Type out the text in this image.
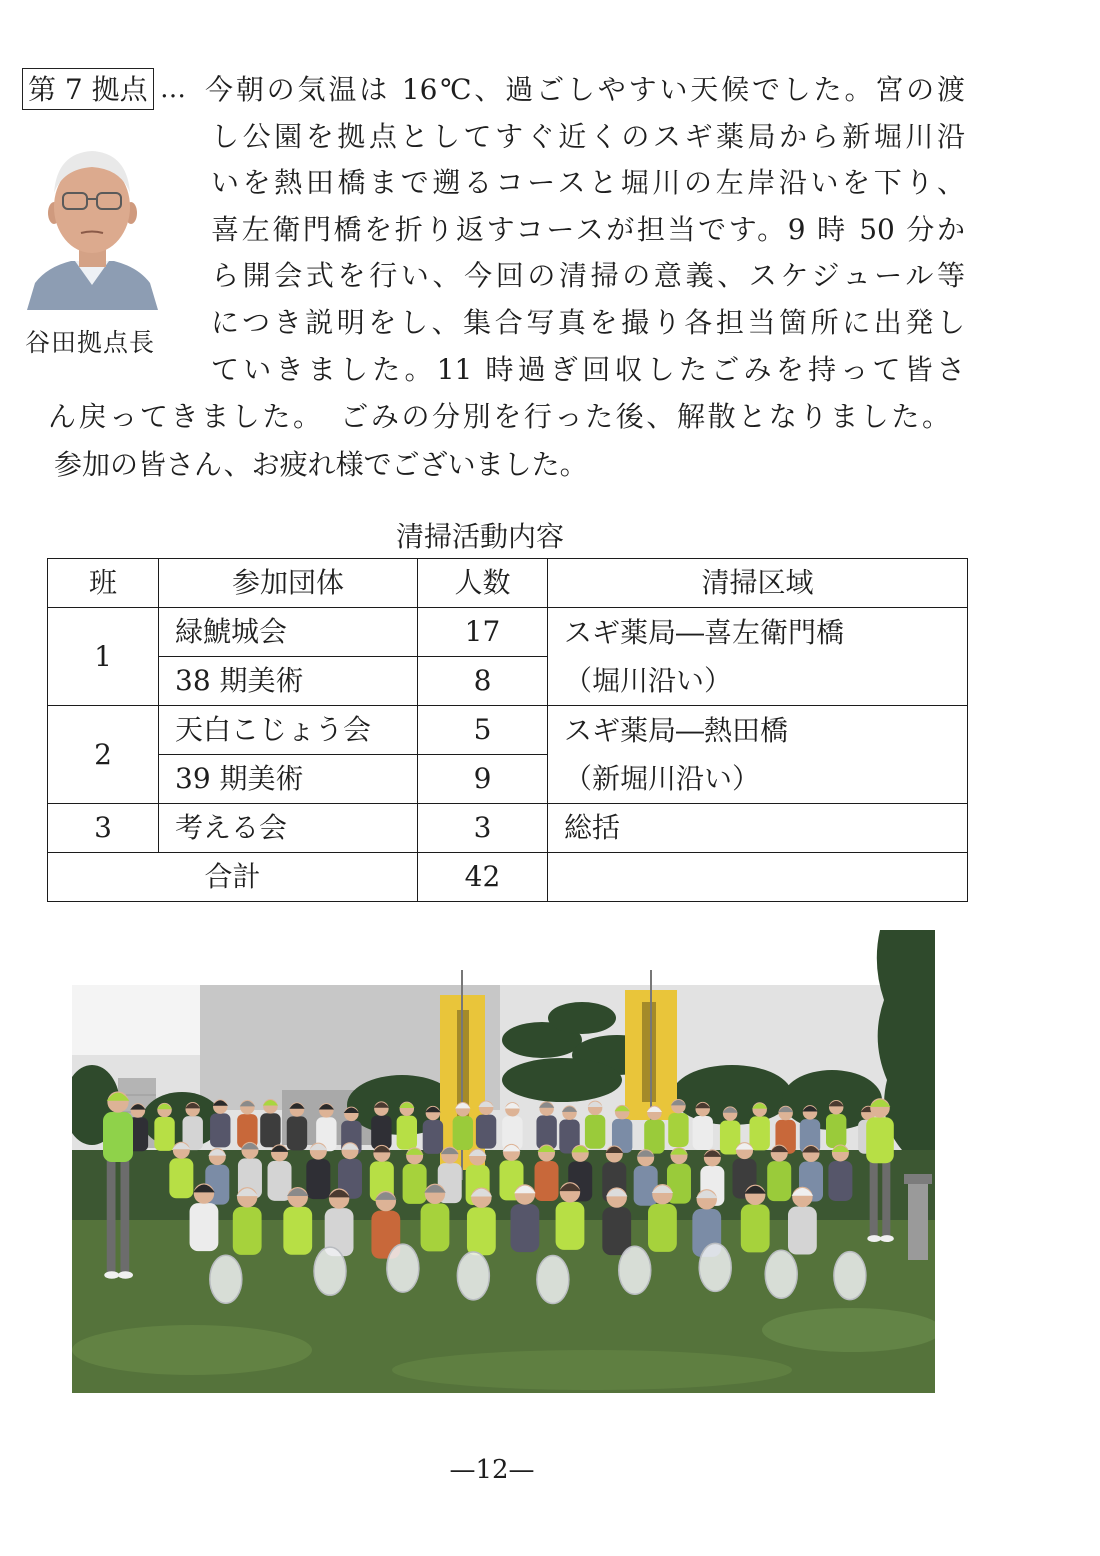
第 7 拠点 …
谷田拠点長
今朝の気温は 16℃、過ごしやすい天候でした。宮の渡
し公園を拠点としてすぐ近くのスギ薬局から新堀川沿
いを熱田橋まで遡るコースと堀川の左岸沿いを下り、
喜左衛門橋を折り返すコースが担当です。9 時 50 分か
ら開会式を行い、今回の清掃の意義、スケジュール等
につき説明をし、集合写真を撮り各担当箇所に出発し
ていきました。11 時過ぎ回収したごみを持って皆さ
ん戻ってきました。　ごみの分別を行った後、解散となりました。
参加の皆さん、お疲れ様でございました。
清掃活動内容
班	参加団体	人数	清掃区域
1	緑鯱城会	17	スギ薬局―喜左衛門橋
（堀川沿い）

	38 期美術	8	
2	天白こじょう会	5	スギ薬局―熱田橋
（新堀川沿い）

	39 期美術	9	
3	考える会	3	総括

合計		42	
—12—
